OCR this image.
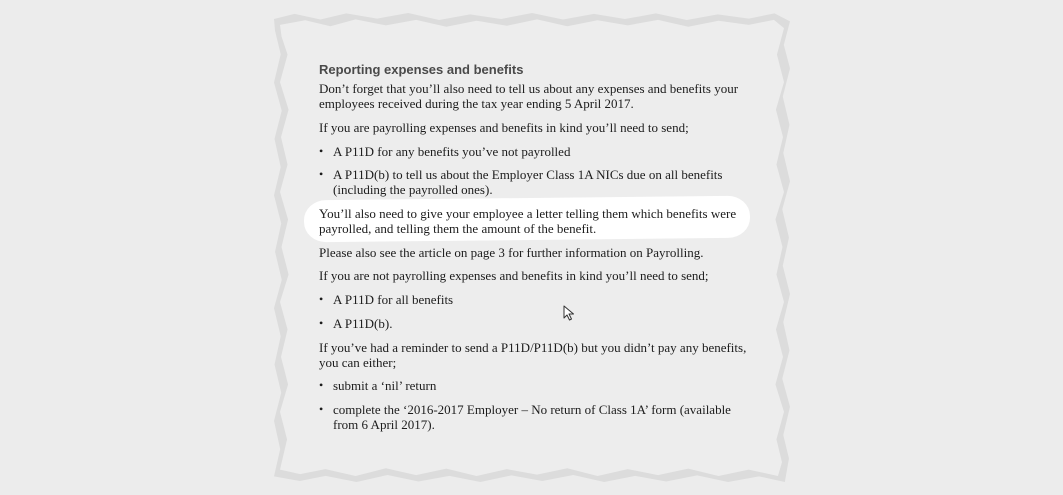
Reporting expenses and benefits

Don’t forget that you’ll also need to tell us about any expenses and benefits your employees received during the tax year ending 5 April 2017.

If you are payrolling expenses and benefits in kind you’ll need to send;

• A P11D for any benefits you’ve not payrolled
• A P11D(b) to tell us about the Employer Class 1A NICs due on all benefits (including the payrolled ones).

You’ll also need to give your employee a letter telling them which benefits were payrolled, and telling them the amount of the benefit.

Please also see the article on page 3 for further information on Payrolling.

If you are not payrolling expenses and benefits in kind you’ll need to send;

• A P11D for all benefits
• A P11D(b).

If you’ve had a reminder to send a P11D/P11D(b) but you didn’t pay any benefits, you can either;

• submit a ‘nil’ return
• complete the ‘2016-2017 Employer – No return of Class 1A’ form (available from 6 April 2017).
